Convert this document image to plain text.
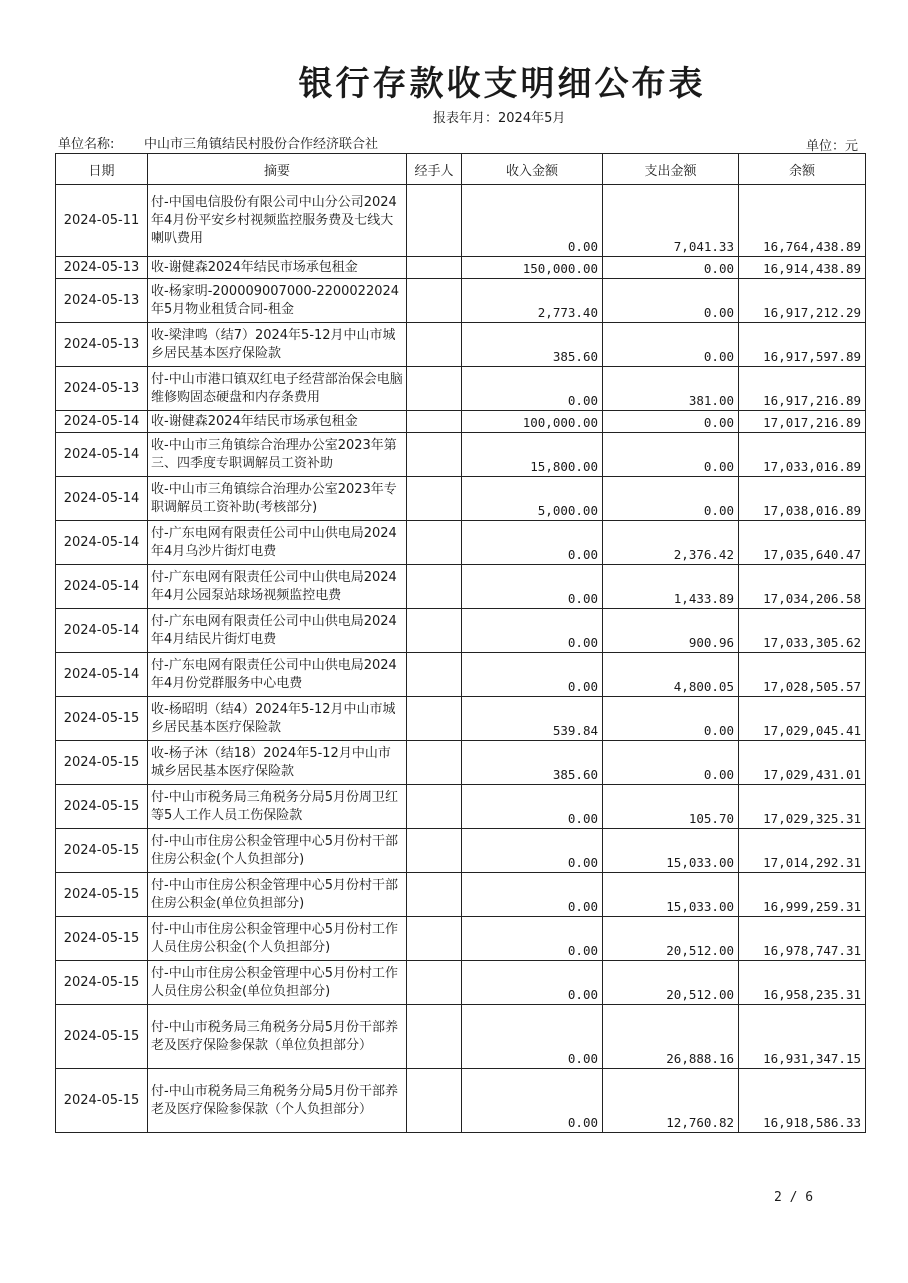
银行存款收支明细公布表
报表年月：2024年5月
单位名称: 中山市三角镇结民村股份合作经济联合社	单位：元
日期	摘要	经手人	收入金额	支出金额	余额
2024-05-11	付-中国电信股份有限公司中山分公司2024年4月份平安乡村视频监控服务费及七线大喇叭费用		0.00	7,041.33	16,764,438.89
2024-05-13	收-谢健森2024年结民市场承包租金		150,000.00	0.00	16,914,438.89
2024-05-13	收-杨家明-200009007000-2200022024年5月物业租赁合同-租金		2,773.40	0.00	16,917,212.29
2024-05-13	收-梁津鸣（结7）2024年5-12月中山市城乡居民基本医疗保险款		385.60	0.00	16,917,597.89
2024-05-13	付-中山市港口镇双红电子经营部治保会电脑维修购固态硬盘和内存条费用		0.00	381.00	16,917,216.89
2024-05-14	收-谢健森2024年结民市场承包租金		100,000.00	0.00	17,017,216.89
2024-05-14	收-中山市三角镇综合治理办公室2023年第三、四季度专职调解员工资补助		15,800.00	0.00	17,033,016.89
2024-05-14	收-中山市三角镇综合治理办公室2023年专职调解员工资补助(考核部分)		5,000.00	0.00	17,038,016.89
2024-05-14	付-广东电网有限责任公司中山供电局2024年4月乌沙片街灯电费		0.00	2,376.42	17,035,640.47
2024-05-14	付-广东电网有限责任公司中山供电局2024年4月公园泵站球场视频监控电费		0.00	1,433.89	17,034,206.58
2024-05-14	付-广东电网有限责任公司中山供电局2024年4月结民片街灯电费		0.00	900.96	17,033,305.62
2024-05-14	付-广东电网有限责任公司中山供电局2024年4月份党群服务中心电费		0.00	4,800.05	17,028,505.57
2024-05-15	收-杨昭明（结4）2024年5-12月中山市城乡居民基本医疗保险款		539.84	0.00	17,029,045.41
2024-05-15	收-杨子沐（结18）2024年5-12月中山市城乡居民基本医疗保险款		385.60	0.00	17,029,431.01
2024-05-15	付-中山市税务局三角税务分局5月份周卫红等5人工作人员工伤保险款		0.00	105.70	17,029,325.31
2024-05-15	付-中山市住房公积金管理中心5月份村干部住房公积金(个人负担部分)		0.00	15,033.00	17,014,292.31
2024-05-15	付-中山市住房公积金管理中心5月份村干部住房公积金(单位负担部分)		0.00	15,033.00	16,999,259.31
2024-05-15	付-中山市住房公积金管理中心5月份村工作人员住房公积金(个人负担部分)		0.00	20,512.00	16,978,747.31
2024-05-15	付-中山市住房公积金管理中心5月份村工作人员住房公积金(单位负担部分)		0.00	20,512.00	16,958,235.31
2024-05-15	付-中山市税务局三角税务分局5月份干部养老及医疗保险参保款（单位负担部分）		0.00	26,888.16	16,931,347.15
2024-05-15	付-中山市税务局三角税务分局5月份干部养老及医疗保险参保款（个人负担部分）		0.00	12,760.82	16,918,586.33
2 / 6
